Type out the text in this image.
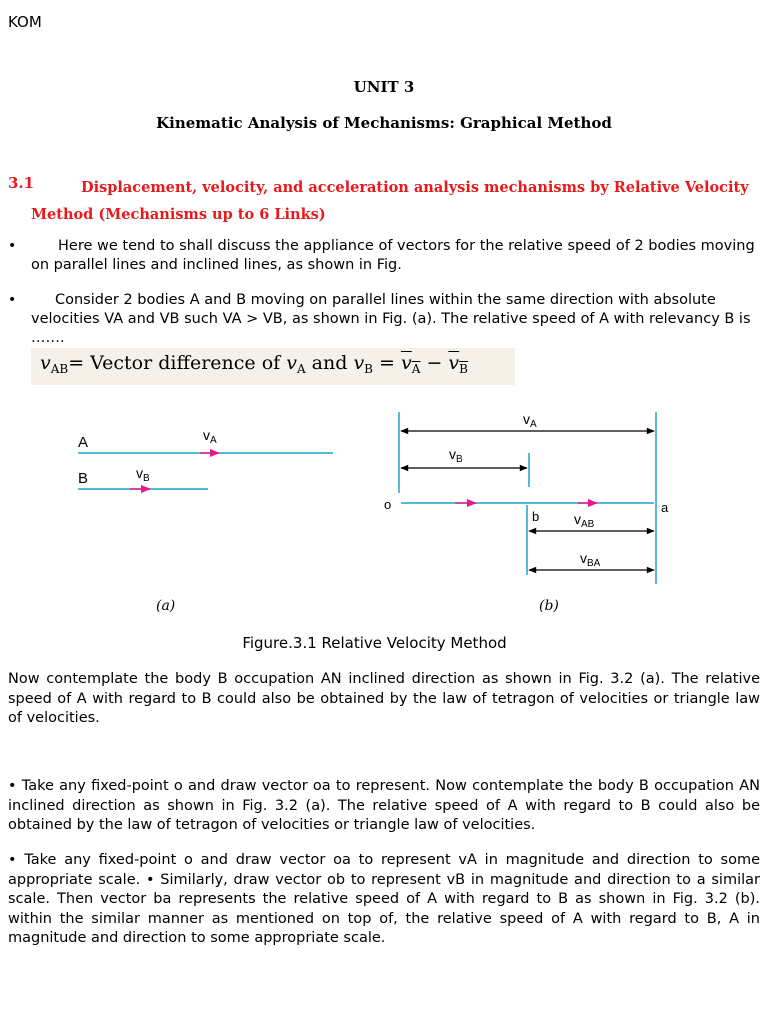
KOM
UNIT 3
Kinematic Analysis of Mechanisms: Graphical Method
3.1	Displacement, velocity, and acceleration analysis mechanisms by Relative Velocity Method (Mechanisms up to 6 Links)
•	Here we tend to shall discuss the appliance of vectors for the relative speed of 2 bodies moving on parallel lines and inclined lines, as shown in Fig.
•	Consider 2 bodies A and B moving on parallel lines within the same direction with absolute velocities VA and VB such VA > VB, as shown in Fig. (a). The relative speed of A with relevancy B is …….
$v_{AB}=$ Vector difference of $v_A$ and $v_B = v_A - v_B$
A
B
$v_A$
$v_B$
(a)
$v_A$
$v_B$
o	a
b $v_{AB}$
$v_{BA}$
(b)
Figure.3.1 Relative Velocity Method
Now contemplate the body B occupation AN inclined direction as shown in Fig. 3.2 (a). The relative speed of A with regard to B could also be obtained by the law of tetragon of velocities or triangle law of velocities.
• Take any fixed-point o and draw vector oa to represent. Now contemplate the body B occupation AN inclined direction as shown in Fig. 3.2 (a). The relative speed of A with regard to B could also be obtained by the law of tetragon of velocities or triangle law of velocities.
• Take any fixed-point o and draw vector oa to represent vA in magnitude and direction to some appropriate scale. • Similarly, draw vector ob to represent vB in magnitude and direction to a similar scale. Then vector ba represents the relative speed of A with regard to B as shown in Fig. 3.2 (b). within the similar manner as mentioned on top of, the relative speed of A with regard to B, A in magnitude and direction to some appropriate scale.
